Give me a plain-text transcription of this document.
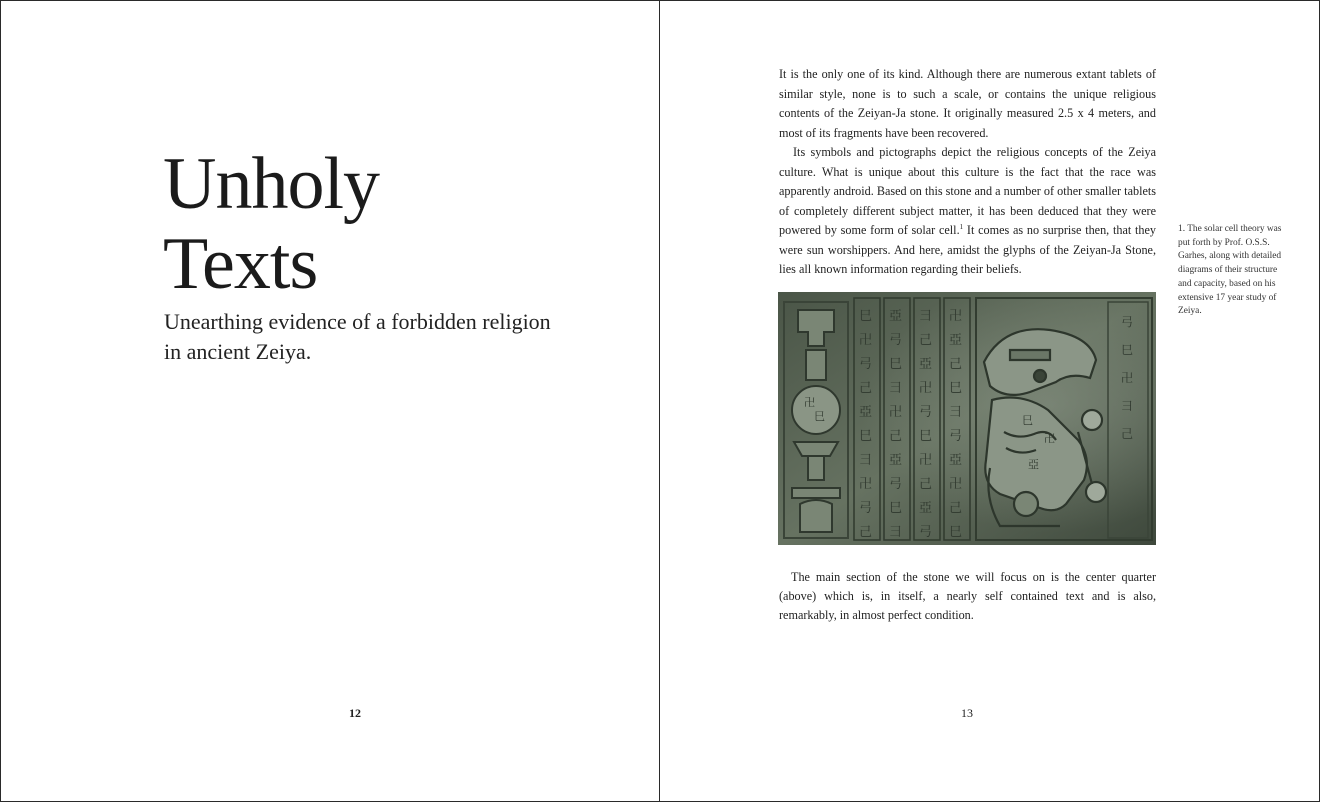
Unholy
Texts

Unearthing evidence of a forbidden religion in ancient Zeiya.

12

It is the only one of its kind. Although there are numerous extant tablets of similar style, none is to such a scale, or contains the unique religious contents of the Zeiyan-Ja stone. It originally measured 2.5 x 4 meters, and most of its fragments have been recovered.

Its symbols and pictographs depict the religious concepts of the Zeiya culture. What is unique about this culture is the fact that the race was apparently android. Based on this stone and a number of other smaller tablets of completely different subject matter, it has been deduced that they were powered by some form of solar cell.$^1$ It comes as no surprise then, that they were sun worshippers. And here, amidst the glyphs of the Zeiyan-Ja Stone, lies all known information regarding their beliefs.

1. The solar cell theory was put forth by Prof. O.S.S. Garhes, along with detailed diagrams of their structure and capacity, based on his extensive 17 year study of Zeiya.

卍
巳
巳
卍
弓
己
亞
巳
彐
卍
弓
己
亞
弓
巳
彐
卍
己
亞
弓
巳
彐
彐
己
亞
卍
弓
巳
卍
己
亞
弓
卍
亞
己
巳
彐
弓
亞
卍
己
巳
弓
巳
卍
彐
己
巳
卍
亞

The main section of the stone we will focus on is the center quarter (above) which is, in itself, a nearly self contained text and is also, remarkably, in almost perfect condition.

13
